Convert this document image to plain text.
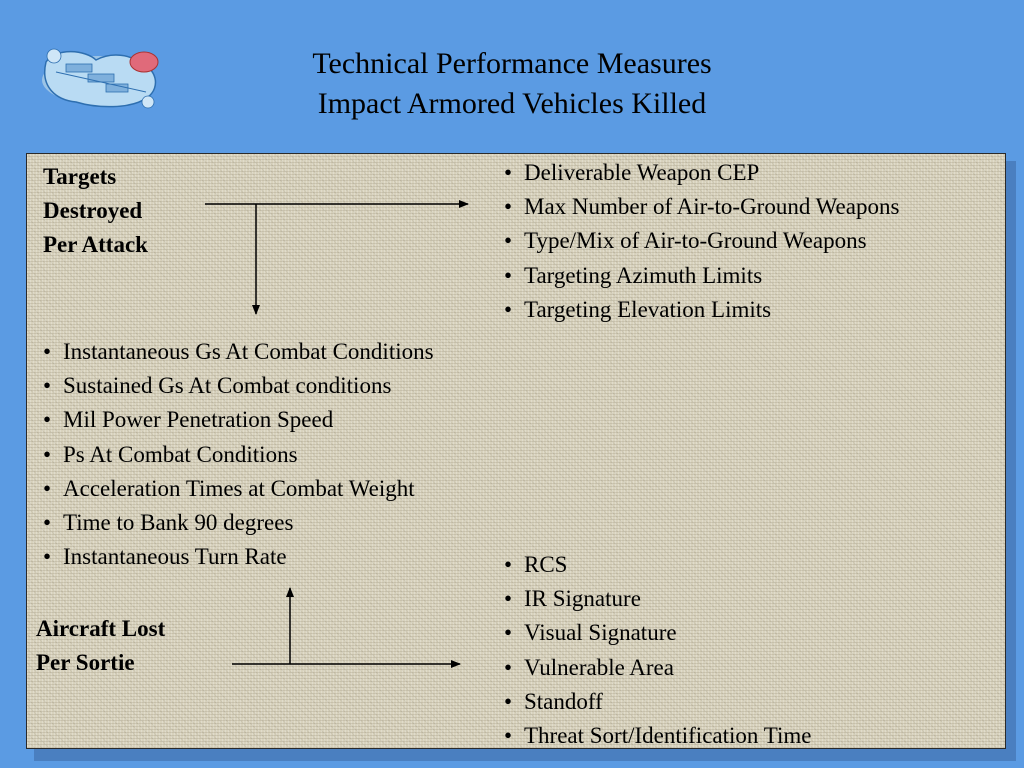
Technical Performance Measures
Impact Armored Vehicles Killed
Targets
Destroyed
Per Attack
Aircraft Lost
Per Sortie
• Deliverable Weapon CEP
• Max Number of Air-to-Ground Weapons
• Type/Mix of Air-to-Ground Weapons
• Targeting Azimuth Limits
• Targeting Elevation Limits
• Instantaneous Gs At Combat Conditions
• Sustained Gs At Combat conditions
• Mil Power Penetration Speed
• Ps At Combat Conditions
• Acceleration Times at Combat Weight
• Time to Bank 90 degrees
• Instantaneous Turn Rate
•	RCS
• IR Signature
• Visual Signature
• Vulnerable Area
• Standoff
• Threat Sort/Identification Time
